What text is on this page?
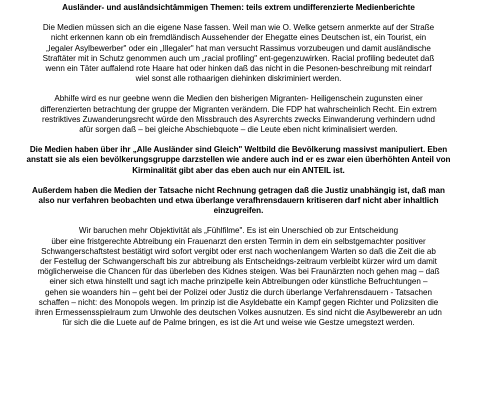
Ausländer- und auslândsichtâmmigen Themen: teils extrem undifferenzierte Medienberichte
Die Medien müssen sich an die eigene Nase fassen. Weil man wie O. Welke getsern anmerkte auf der Straße
nicht erkennen kann ob ein fremdländisch Aussehender der Ehegatte eines Deutschen ist, ein Tourist, ein
„legaler Asylbewerber" oder ein „Illegaler" hat man versucht Rassimus vorzubeugen und damit ausländische
Straftäter mit in Schutz genommen auch um „racial profiling" ent-gegenzuwirken. Racial profiling bedeutet daß
wenn ein Täter auffalend rote Haare hat oder hinken daß das nicht in die Pesonen-beschreibung mit reindarf
wiel sonst alle rothaarigen diehinken diskriminiert werden.
Abhilfe wird es nur geebne wenn die Medien den bisherigen Migranten- Heiligenschein zugunsten einer
differenzierten betrachtung der gruppe der Migranten verändern. Die FDP hat wahrscheinlich Recht. Ein extrem
restriktives Zuwanderungsrecht würde den Missbrauch des Asyrerchts zwecks Einwanderung verhindern udnd
afür sorgen daß – bei gleiche Abschiebquote – die Leute eben nicht kriminalisiert werden.
Die Medien haben über ihr „Alle Ausländer sind Gleich" Weltbild die Bevölkerung massivst manipuliert. Eben
anstatt sie als eien bevölkerungsgruppe darzstellen wie andere auch ind er es zwar eien überhöhten Anteil von
Kirminalität gibt aber das eben auch nur ein ANTEIL ist.
Außerdem haben die Medien der Tatsache nicht Rechnung getragen daß die Justiz unabhängig ist, daß man
also nur verfahren beobachten und etwa überlange verafhrensdauern kritiseren darf nicht aber inhaltlich
einzugreifen.
Wir baruchen mehr Objektivität als „Fühlfilme". Es ist ein Unerschied ob zur Entscheidung
über eine fristgerechte Abtreibung ein Frauenarzt den ersten Termin in dem ein selbstgemachter positiver
Schwangerschaftstest bestätigt wird sofort vergibt oder erst nach wochenlangem Warten so daß die Zeit die ab
der Festellug der Schwangerschaft bis zur abtreibung als Entscheidngs-zeitraum verbleibt kürzer wird um damit
möglicherweise die Chancen für das überleben des Kidnes steigen. Was bei Fraunärzten noch gehen mag – daß
einer sich etwa hinstellt und sagt ich mache prinzipelle kein Abtreibungen oder künstliche Befruchtungen –
gehen sie woanders hin – geht bei der Polizei oder Justiz die durch überlange Verfahrensdauern - Tatsachen
schaffen – nicht: des Monopols wegen. Im prinzip ist die Asyldebatte ein Kampf gegen Richter und Polizsiten die
ihren Ermessensspielraum zum Unwohle des deutschen Volkes ausnutzen. Es sind nicht die Asylbewerebr an udn
für sich die die Luete auf de Palme bringen, es ist die Art und weise wie Gestze umegstezt werden.
